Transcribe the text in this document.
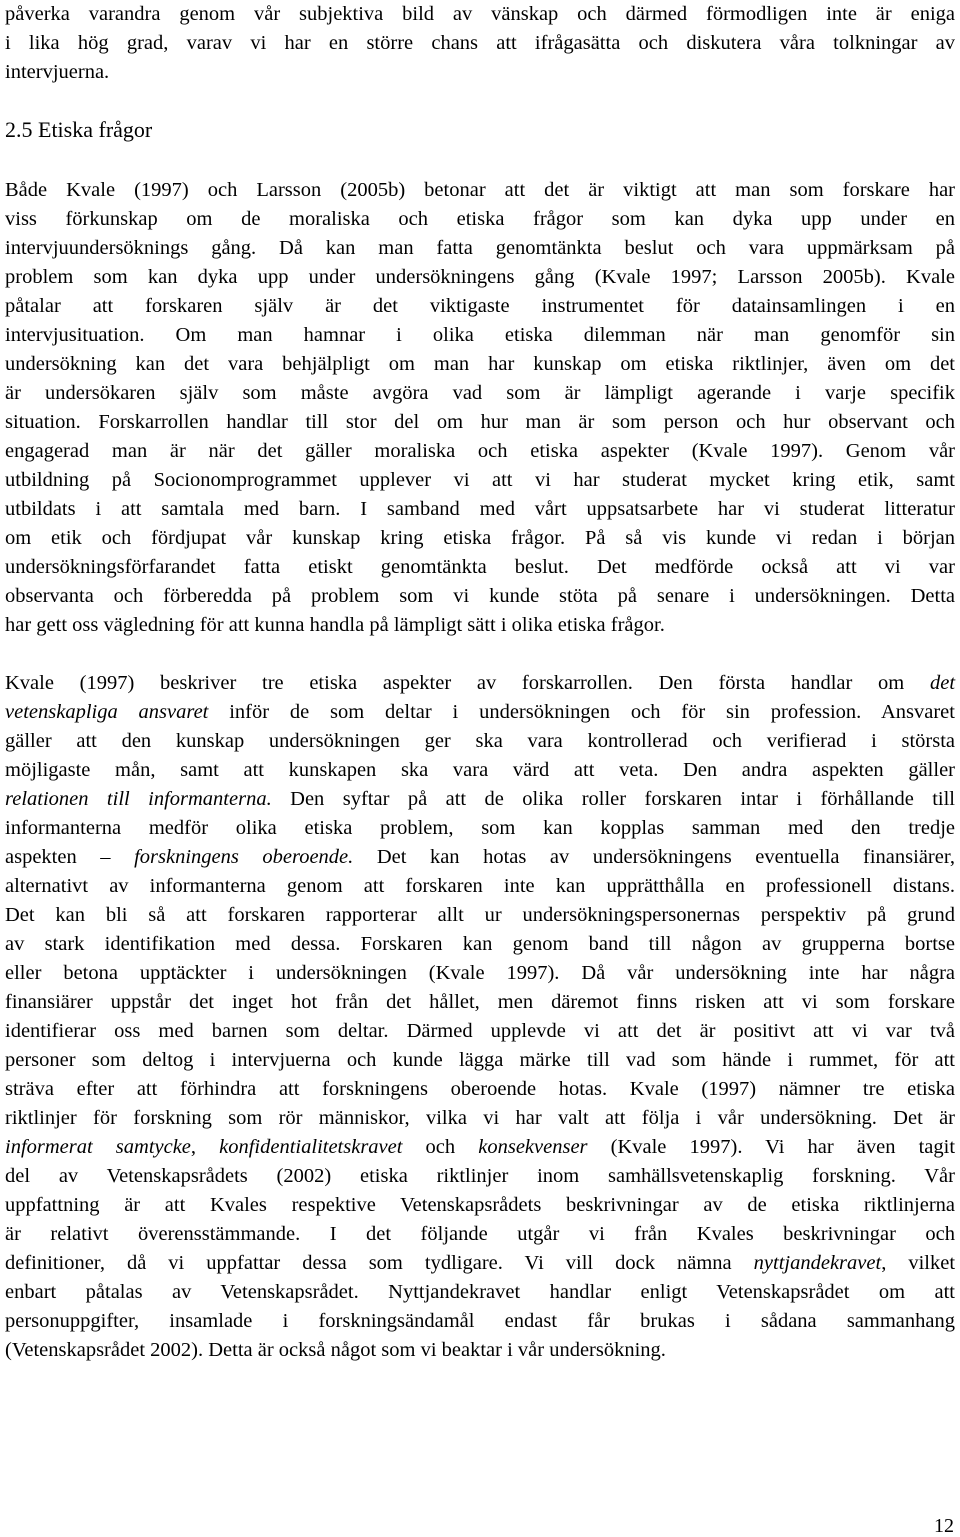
påverka varandra genom vår subjektiva bild av vänskap och därmed förmodligen inte är eniga
i lika hög grad, varav vi har en större chans att ifrågasätta och diskutera våra tolkningar av
intervjuerna.
2.5 Etiska frågor
Både Kvale (1997) och Larsson (2005b) betonar att det är viktigt att man som forskare har
viss förkunskap om de moraliska och etiska frågor som kan dyka upp under en
intervjuundersöknings gång. Då kan man fatta genomtänkta beslut och vara uppmärksam på
problem som kan dyka upp under undersökningens gång (Kvale 1997; Larsson 2005b). Kvale
påtalar att forskaren själv är det viktigaste instrumentet för datainsamlingen i en
intervjusituation. Om man hamnar i olika etiska dilemman när man genomför sin
undersökning kan det vara behjälpligt om man har kunskap om etiska riktlinjer, även om det
är undersökaren själv som måste avgöra vad som är lämpligt agerande i varje specifik
situation. Forskarrollen handlar till stor del om hur man är som person och hur observant och
engagerad man är när det gäller moraliska och etiska aspekter (Kvale 1997). Genom vår
utbildning på Socionomprogrammet upplever vi att vi har studerat mycket kring etik, samt
utbildats i att samtala med barn. I samband med vårt uppsatsarbete har vi studerat litteratur
om etik och fördjupat vår kunskap kring etiska frågor. På så vis kunde vi redan i början
undersökningsförfarandet fatta etiskt genomtänkta beslut. Det medförde också att vi var
observanta och förberedda på problem som vi kunde stöta på senare i undersökningen. Detta
har gett oss vägledning för att kunna handla på lämpligt sätt i olika etiska frågor.
Kvale (1997) beskriver tre etiska aspekter av forskarrollen. Den första handlar om det
vetenskapliga ansvaret inför de som deltar i undersökningen och för sin profession. Ansvaret
gäller att den kunskap undersökningen ger ska vara kontrollerad och verifierad i största
möjligaste mån, samt att kunskapen ska vara värd att veta. Den andra aspekten gäller
relationen till informanterna. Den syftar på att de olika roller forskaren intar i förhållande till
informanterna medför olika etiska problem, som kan kopplas samman med den tredje
aspekten – forskningens oberoende. Det kan hotas av undersökningens eventuella finansiärer,
alternativt av informanterna genom att forskaren inte kan upprätthålla en professionell distans.
Det kan bli så att forskaren rapporterar allt ur undersökningspersonernas perspektiv på grund
av stark identifikation med dessa. Forskaren kan genom band till någon av grupperna bortse
eller betona upptäckter i undersökningen (Kvale 1997). Då vår undersökning inte har några
finansiärer uppstår det inget hot från det hållet, men däremot finns risken att vi som forskare
identifierar oss med barnen som deltar. Därmed upplevde vi att det är positivt att vi var två
personer som deltog i intervjuerna och kunde lägga märke till vad som hände i rummet, för att
sträva efter att förhindra att forskningens oberoende hotas. Kvale (1997) nämner tre etiska
riktlinjer för forskning som rör människor, vilka vi har valt att följa i vår undersökning. Det är
informerat samtycke, konfidentialitetskravet och konsekvenser (Kvale 1997). Vi har även tagit
del av Vetenskapsrådets (2002) etiska riktlinjer inom samhällsvetenskaplig forskning. Vår
uppfattning är att Kvales respektive Vetenskapsrådets beskrivningar av de etiska riktlinjerna
är relativt överensstämmande. I det följande utgår vi från Kvales beskrivningar och
definitioner, då vi uppfattar dessa som tydligare. Vi vill dock nämna nyttjandekravet, vilket
enbart påtalas av Vetenskapsrådet. Nyttjandekravet handlar enligt Vetenskapsrådet om att
personuppgifter, insamlade i forskningsändamål endast får brukas i sådana sammanhang
(Vetenskapsrådet 2002). Detta är också något som vi beaktar i vår undersökning.
12
